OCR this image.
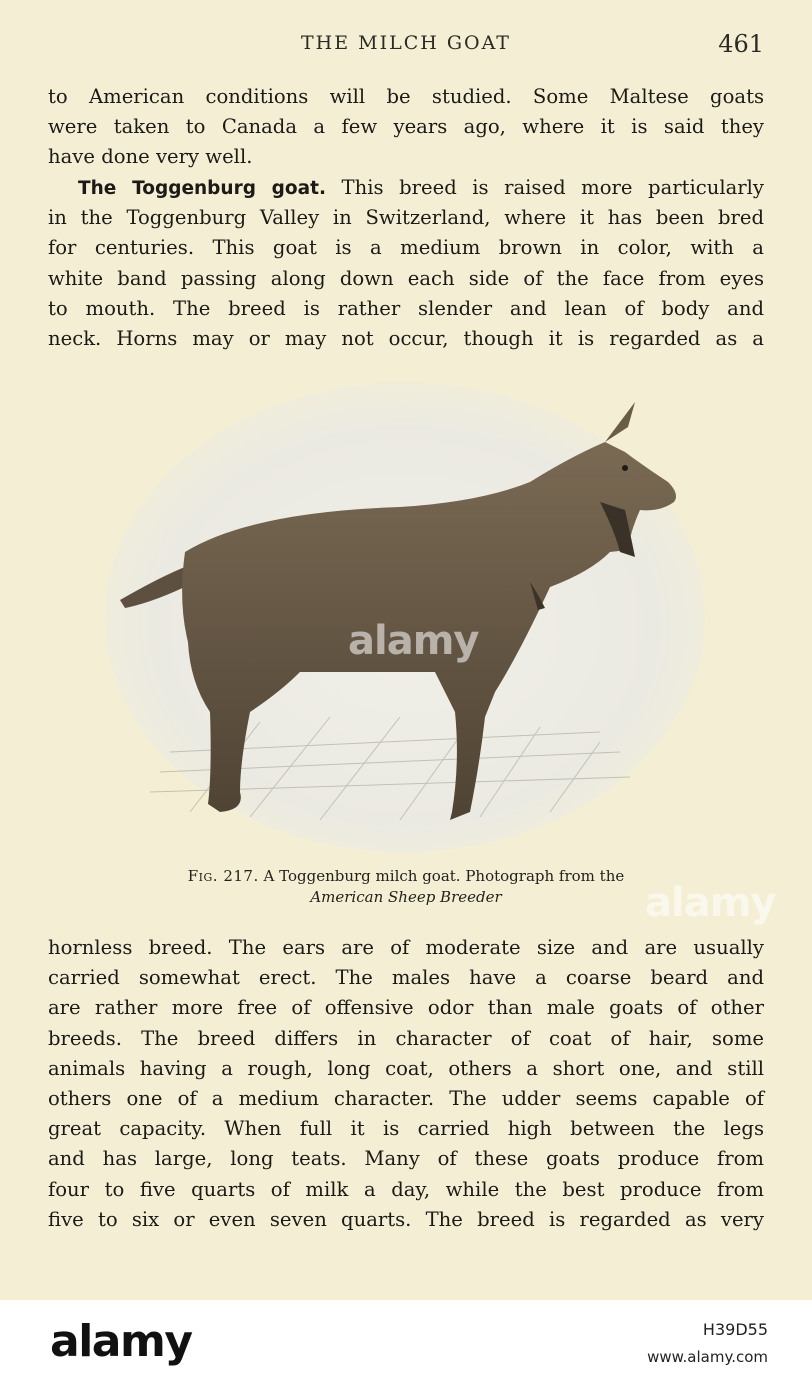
THE MILCH GOAT	461
to American conditions will be studied. Some Maltese goats
were taken to Canada a few years ago, where it is said they
have done very well.
The Toggenburg goat. This breed is raised more particularly
in the Toggenburg Valley in Switzerland, where it has been bred
for centuries. This goat is a medium brown in color, with a
white band passing along down each side of the face from eyes
to mouth. The breed is rather slender and lean of body and
neck. Horns may or may not occur, though it is regarded as a
Fig. 217. A Toggenburg milch goat. Photograph from the
American Sheep Breeder
hornless breed. The ears are of moderate size and are usually
carried somewhat erect. The males have a coarse beard and
are rather more free of offensive odor than male goats of other
breeds. The breed differs in character of coat of hair, some
animals having a rough, long coat, others a short one, and still
others one of a medium character. The udder seems capable of
great capacity. When full it is carried high between the legs
and has large, long teats. Many of these goats produce from
four to five quarts of milk a day, while the best produce from
five to six or even seven quarts. The breed is regarded as very
alamy
alamy
alamy	H39D55
www.alamy.com
